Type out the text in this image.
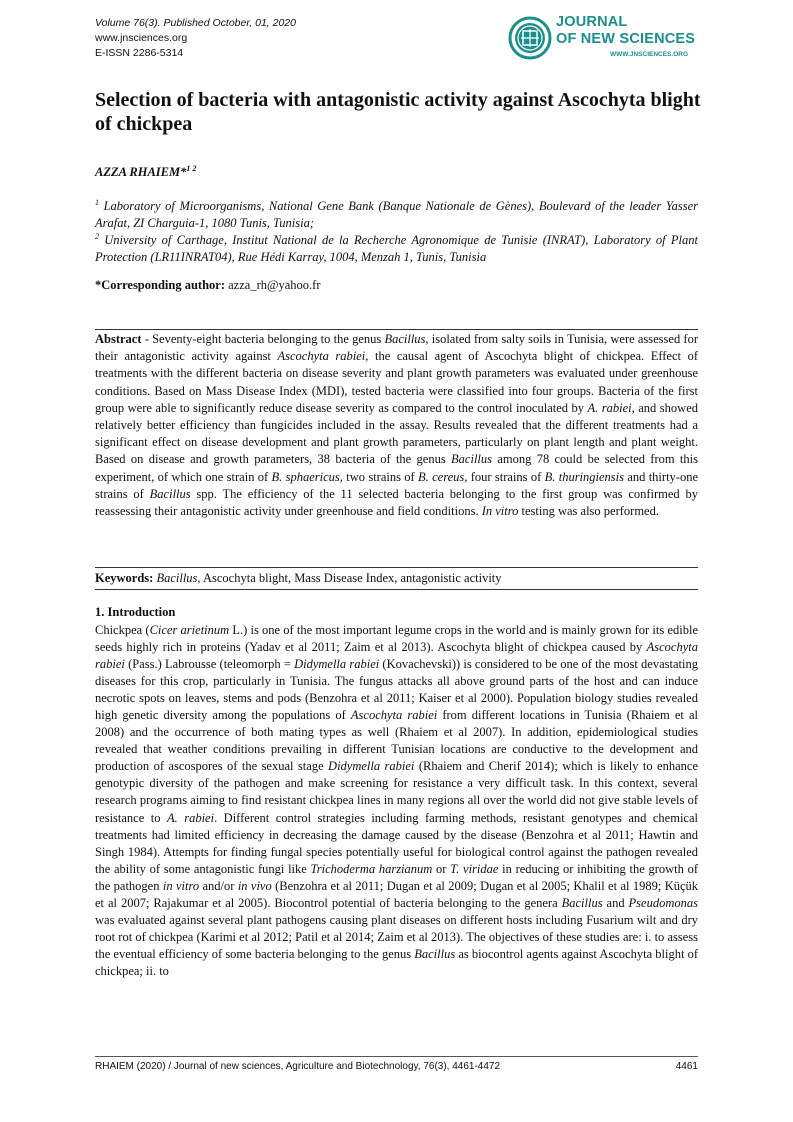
Volume 76(3). Published October, 01, 2020
www.jnsciences.org
E-ISSN 2286-5314
JOURNAL
OF NEW SCIENCES
WWW.JNSCIENCES.ORG
Selection of bacteria with antagonistic activity against Ascochyta blight of chickpea
AZZA RHAIEM*$^{1 2}$

$^1$ Laboratory of Microorganisms, National Gene Bank (Banque Nationale de Gènes), Boulevard of the leader Yasser Arafat, ZI Charguia-1, 1080 Tunis, Tunisia;

$^2$ University of Carthage, Institut National de la Recherche Agronomique de Tunisie (INRAT), Laboratory of Plant Protection (LR11INRAT04), Rue Hédi Karray, 1004, Menzah 1, Tunis, Tunisia

*Corresponding author: azza_rh@yahoo.fr

Abstract - Seventy-eight bacteria belonging to the genus Bacillus, isolated from salty soils in Tunisia, were assessed for their antagonistic activity against Ascochyta rabiei, the causal agent of Ascochyta blight of chickpea. Effect of treatments with the different bacteria on disease severity and plant growth parameters was evaluated under greenhouse conditions. Based on Mass Disease Index (MDI), tested bacteria were classified into four groups. Bacteria of the first group were able to significantly reduce disease severity as compared to the control inoculated by A. rabiei, and showed relatively better efficiency than fungicides included in the assay. Results revealed that the different treatments had a significant effect on disease development and plant growth parameters, particularly on plant length and plant weight. Based on disease and growth parameters, 38 bacteria of the genus Bacillus among 78 could be selected from this experiment, of which one strain of B. sphaericus, two strains of B. cereus, four strains of B. thuringiensis and thirty-one strains of Bacillus spp. The efficiency of the 11 selected bacteria belonging to the first group was confirmed by reassessing their antagonistic activity under greenhouse and field conditions. In vitro testing was also performed.

Keywords: Bacillus, Ascochyta blight, Mass Disease Index, antagonistic activity

1. Introduction

Chickpea (Cicer arietinum L.) is one of the most important legume crops in the world and is mainly grown for its edible seeds highly rich in proteins (Yadav et al 2011; Zaim et al 2013). Ascochyta blight of chickpea caused by Ascochyta rabiei (Pass.) Labrousse (teleomorph = Didymella rabiei (Kovachevski)) is considered to be one of the most devastating diseases for this crop, particularly in Tunisia. The fungus attacks all above ground parts of the host and can induce necrotic spots on leaves, stems and pods (Benzohra et al 2011; Kaiser et al 2000). Population biology studies revealed high genetic diversity among the populations of Ascochyta rabiei from different locations in Tunisia (Rhaiem et al 2008) and the occurrence of both mating types as well (Rhaiem et al 2007). In addition, epidemiological studies revealed that weather conditions prevailing in different Tunisian locations are conductive to the development and production of ascospores of the sexual stage Didymella rabiei (Rhaiem and Cherif 2014); which is likely to enhance genotypic diversity of the pathogen and make screening for resistance a very difficult task. In this context, several research programs aiming to find resistant chickpea lines in many regions all over the world did not give stable levels of resistance to A. rabiei. Different control strategies including farming methods, resistant genotypes and chemical treatments had limited efficiency in decreasing the damage caused by the disease (Benzohra et al 2011; Hawtin and Singh 1984). Attempts for finding fungal species potentially useful for biological control against the pathogen revealed the ability of some antagonistic fungi like Trichoderma harzianum or T. viridae in reducing or inhibiting the growth of the pathogen in vitro and/or in vivo (Benzohra et al 2011; Dugan et al 2009; Dugan et al 2005; Khalil et al 1989; Küçük et al 2007; Rajakumar et al 2005). Biocontrol potential of bacteria belonging to the genera Bacillus and Pseudomonas was evaluated against several plant pathogens causing plant diseases on different hosts including Fusarium wilt and dry root rot of chickpea (Karimi et al 2012; Patil et al 2014; Zaim et al 2013). The objectives of these studies are: i. to assess the eventual efficiency of some bacteria belonging to the genus Bacillus as biocontrol agents against Ascochyta blight of chickpea; ii. to

RHAIEM (2020) / Journal of new sciences, Agriculture and Biotechnology, 76(3), 4461-4472	4461
